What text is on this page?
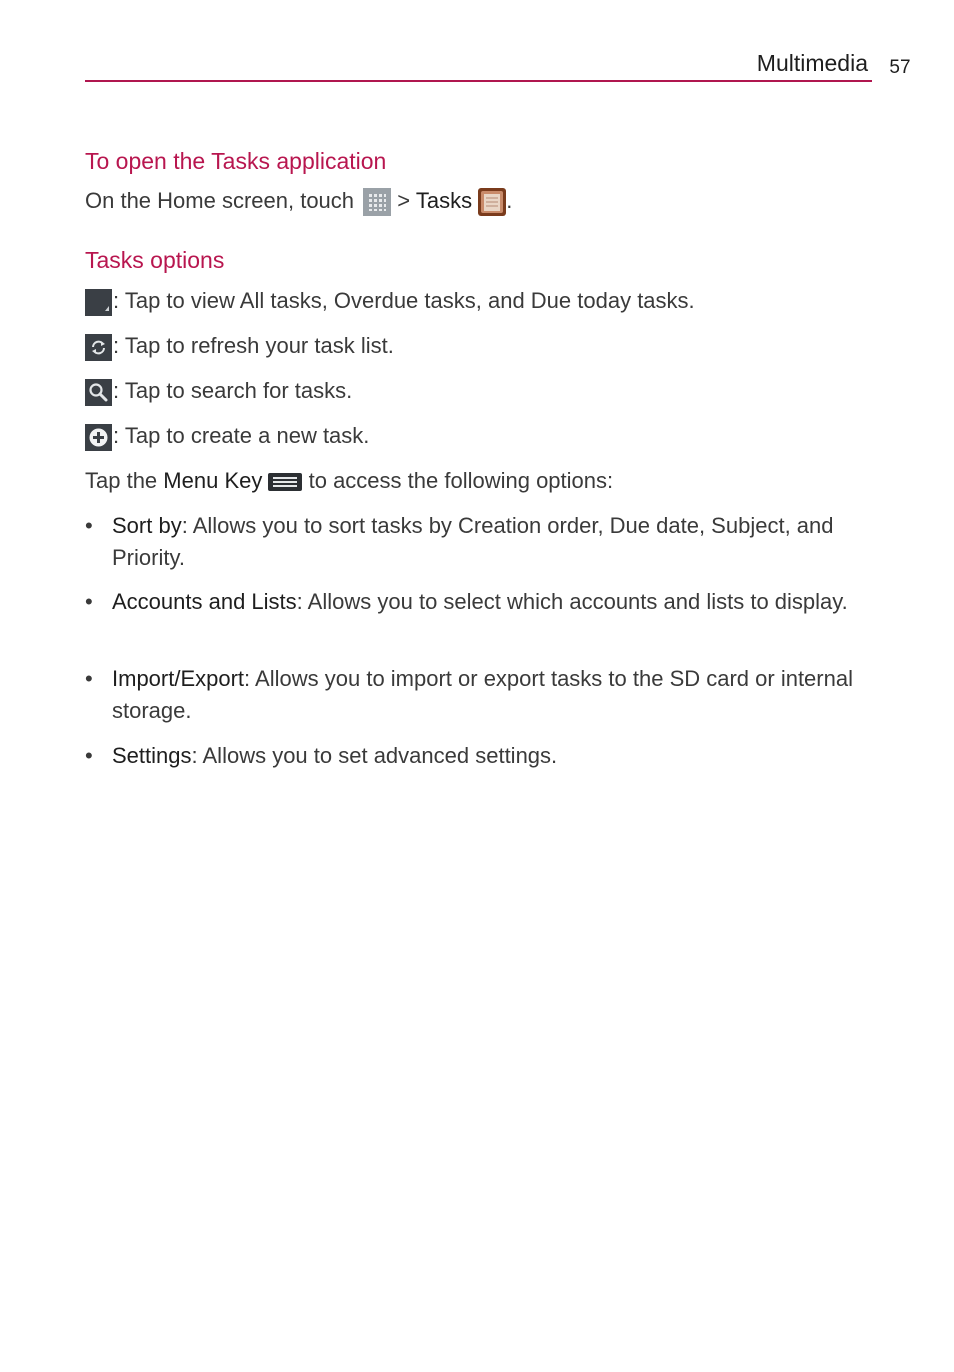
Multimedia	57
To open the Tasks application
On the Home screen, touch > Tasks .
Tasks options
: Tap to view All tasks, Overdue tasks, and Due today tasks.
: Tap to refresh your task list.
: Tap to search for tasks.
: Tap to create a new task.
Tap the Menu Key to access the following options:
• Sort by: Allows you to sort tasks by Creation order, Due date, Subject, and Priority.
• Accounts and Lists: Allows you to select which accounts and lists to display.
• Import/Export: Allows you to import or export tasks to the SD card or internal storage.
• Settings: Allows you to set advanced settings.
